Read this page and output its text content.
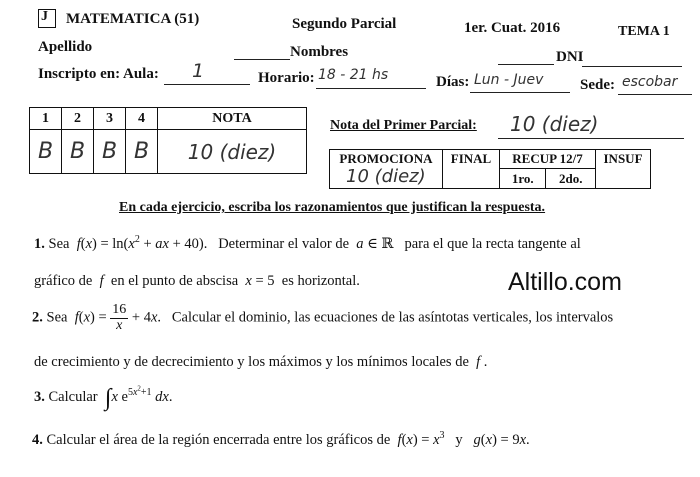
J MATEMATICA (51)	Segundo Parcial	1er. Cuat. 2016	TEMA 1
Apellido	Nombres	DNI
Inscripto en: Aula: 1	Horario: 18 - 21 hs	Días: Lun - Juev Sede: escobar
1	2	3	4	NOTA
B	B	B	B	10 (diez)
Nota del Primer Parcial: 10 (diez)
PROMOCIONA	FINAL	RECUP 12/7		INSUF
		1ro.	2do.	
10 (diez)
En cada ejercicio, escriba los razonamientos que justifican la respuesta.
Altillo.com
1. Sea  $f(x) = \ln(x^2$ + ax + 40).   Determinar el valor de  a ∈ ℝ   para el que la recta tangente al
gráfico de  f  en el punto de abscisa x = 5  es horizontal.
2. Sea $f(x) = \frac{16}{x} + 4x$.   Calcular el dominio, las ecuaciones de las asíntotas verticales, los intervalos
de crecimiento y de decrecimiento y los máximos y los mínimos locales de  f .
3. Calcular ∫x $e^{5x^2+1}$ dx.
4. Calcular el área de la región encerrada entre los gráficos de $f(x) = x^3$ y g(x) = 9x.
